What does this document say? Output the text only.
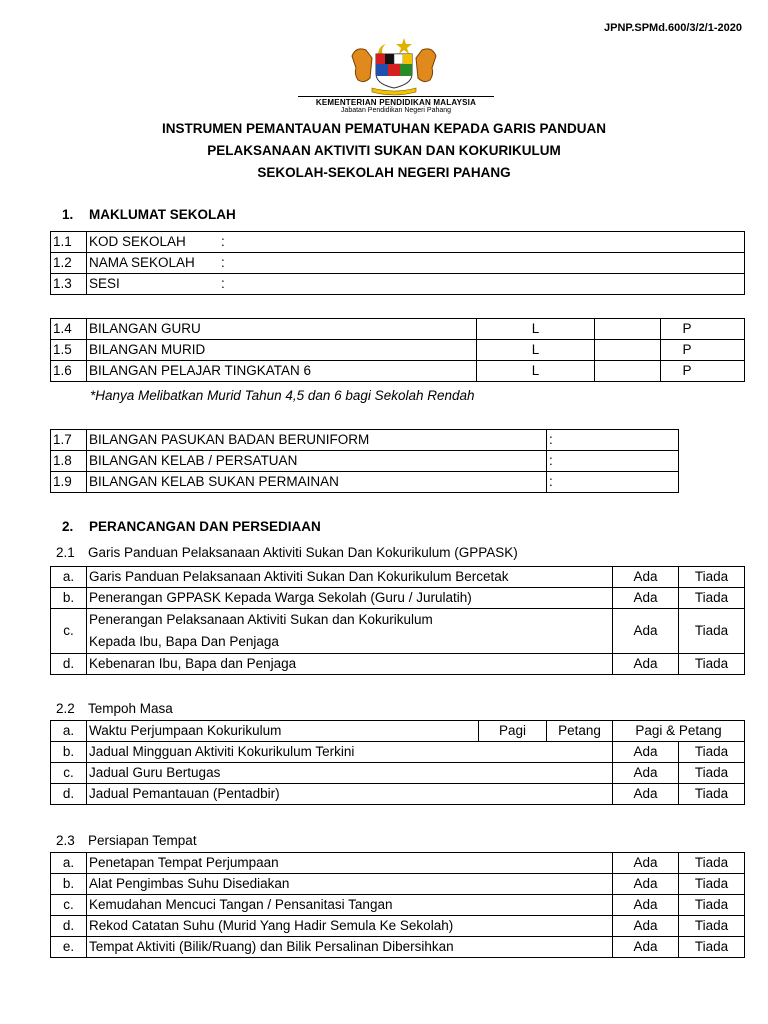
JPNP.SPMd.600/3/2/1-2020
KEMENTERIAN PENDIDIKAN MALAYSIA
Jabatan Pendidikan Negeri Pahang
INSTRUMEN PEMANTAUAN PEMATUHAN KEPADA GARIS PANDUAN
PELAKSANAAN AKTIVITI SUKAN DAN KOKURIKULUM
SEKOLAH-SEKOLAH NEGERI PAHANG
1. MAKLUMAT SEKOLAH
1.1	KOD SEKOLAH :
1.2	NAMA SEKOLAH :
1.3	SESI :
1.4	BILANGAN GURU	L		P
1.5	BILANGAN MURID	L		P
1.6	BILANGAN PELAJAR TINGKATAN 6	L		P
*Hanya Melibatkan Murid Tahun 4,5 dan 6 bagi Sekolah Rendah
1.7	BILANGAN PASUKAN BADAN BERUNIFORM	:
1.8	BILANGAN KELAB / PERSATUAN	:
1.9	BILANGAN KELAB SUKAN PERMAINAN	:
2. PERANCANGAN DAN PERSEDIAAN
2.1 Garis Panduan Pelaksanaan Aktiviti Sukan Dan Kokurikulum (GPPASK)
a.	Garis Panduan Pelaksanaan Aktiviti Sukan Dan Kokurikulum Bercetak	Ada	Tiada
b.	Penerangan GPPASK Kepada Warga Sekolah (Guru / Jurulatih)	Ada	Tiada
c.	Penerangan Pelaksanaan Aktiviti Sukan dan Kokurikulum
Kepada Ibu, Bapa Dan Penjaga	Ada	Tiada
d.	Kebenaran Ibu, Bapa dan Penjaga	Ada	Tiada
2.2 Tempoh Masa
a.	Waktu Perjumpaan Kokurikulum	Pagi	Petang	Pagi & Petang
b.	Jadual Mingguan Aktiviti Kokurikulum Terkini	Ada	Tiada
c.	Jadual Guru Bertugas	Ada	Tiada
d.	Jadual Pemantauan (Pentadbir)	Ada	Tiada
2.3 Persiapan Tempat
a.	Penetapan Tempat Perjumpaan	Ada	Tiada
b.	Alat Pengimbas Suhu Disediakan	Ada	Tiada
c.	Kemudahan Mencuci Tangan / Pensanitasi Tangan	Ada	Tiada
d.	Rekod Catatan Suhu (Murid Yang Hadir Semula Ke Sekolah)	Ada	Tiada
e.	Tempat Aktiviti (Bilik/Ruang) dan Bilik Persalinan Dibersihkan	Ada	Tiada
